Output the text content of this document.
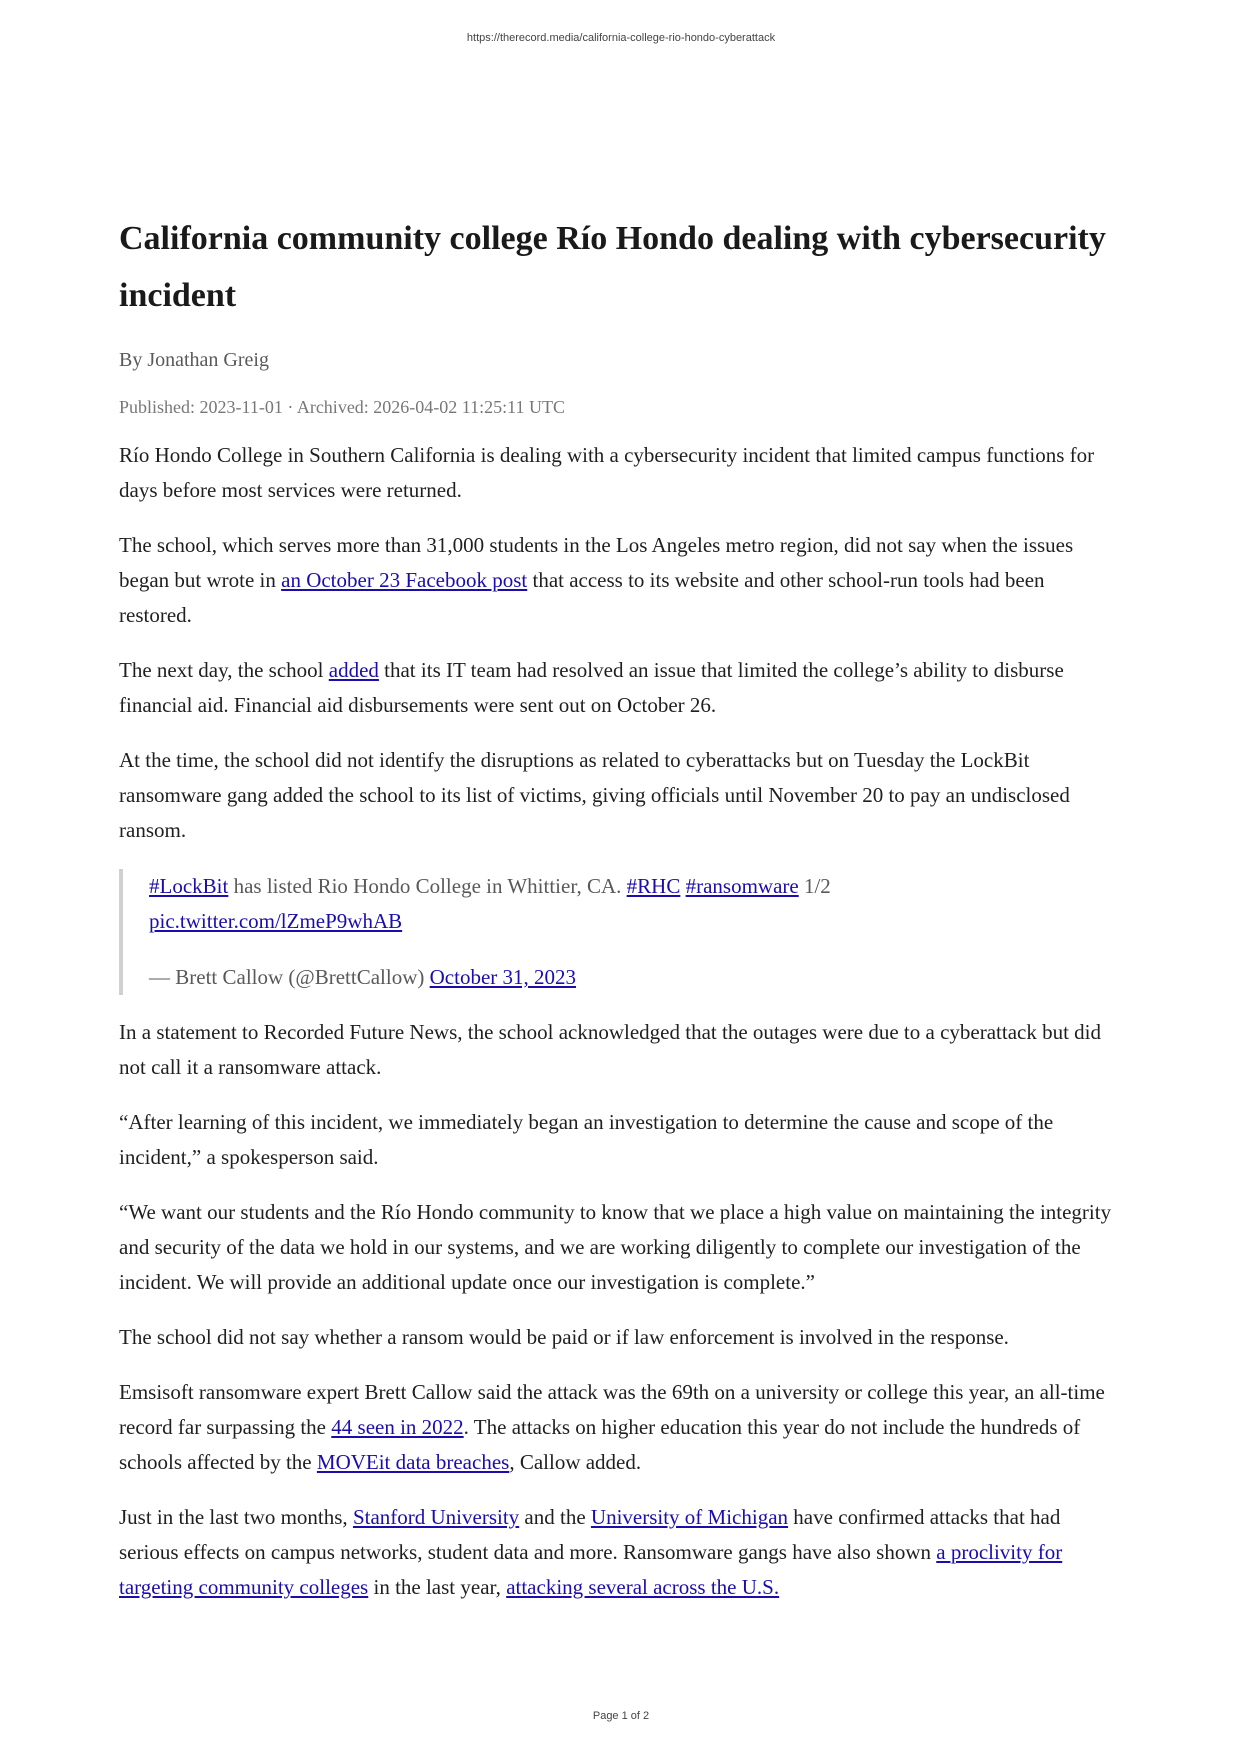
https://therecord.media/california-college-rio-hondo-cyberattack
California community college Río Hondo dealing with cybersecurity incident
By Jonathan Greig
Published: 2023-11-01 · Archived: 2026-04-02 11:25:11 UTC

Río Hondo College in Southern California is dealing with a cybersecurity incident that limited campus functions for days before most services were returned.

The school, which serves more than 31,000 students in the Los Angeles metro region, did not say when the issues began but wrote in an October 23 Facebook post that access to its website and other school-run tools had been restored.

The next day, the school added that its IT team had resolved an issue that limited the college’s ability to disburse financial aid. Financial aid disbursements were sent out on October 26.

At the time, the school did not identify the disruptions as related to cyberattacks but on Tuesday the LockBit ransomware gang added the school to its list of victims, giving officials until November 20 to pay an undisclosed ransom.

#LockBit has listed Rio Hondo College in Whittier, CA. #RHC #ransomware 1/2
pic.twitter.com/lZmeP9whAB

— Brett Callow (@BrettCallow) October 31, 2023

In a statement to Recorded Future News, the school acknowledged that the outages were due to a cyberattack but did not call it a ransomware attack.

“After learning of this incident, we immediately began an investigation to determine the cause and scope of the incident,” a spokesperson said.

“We want our students and the Río Hondo community to know that we place a high value on maintaining the integrity and security of the data we hold in our systems, and we are working diligently to complete our investigation of the incident. We will provide an additional update once our investigation is complete.”

The school did not say whether a ransom would be paid or if law enforcement is involved in the response.

Emsisoft ransomware expert Brett Callow said the attack was the 69th on a university or college this year, an all-time record far surpassing the 44 seen in 2022. The attacks on higher education this year do not include the hundreds of schools affected by the MOVEit data breaches, Callow added.

Just in the last two months, Stanford University and the University of Michigan have confirmed attacks that had serious effects on campus networks, student data and more. Ransomware gangs have also shown a proclivity for targeting community colleges in the last year, attacking several across the U.S.

Page 1 of 2
